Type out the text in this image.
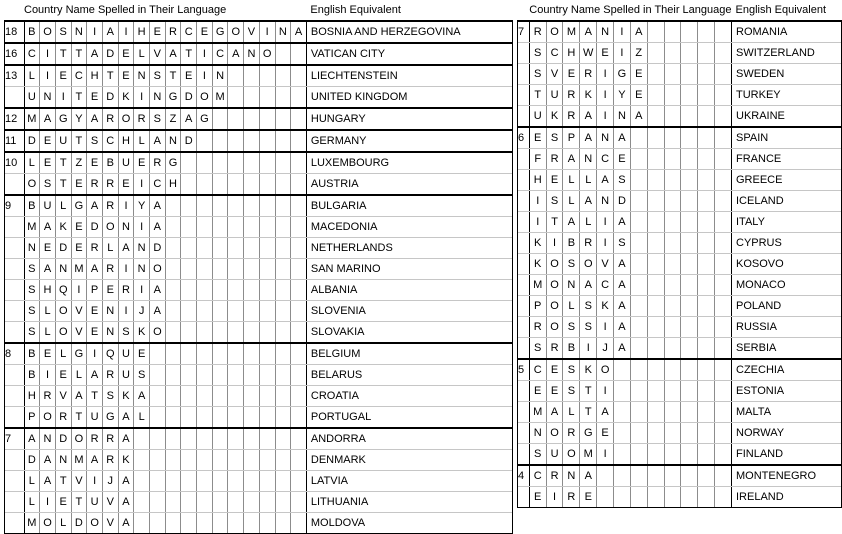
	Country Name Spelled in Their Language																		English Equivalent
18	B	O	S	N	I	A	I	H	E	R	C	E	G	O	V	I	N	A	BOSNIA AND HERZEGOVINA
16	C	I	T	T	A	D	E	L	V	A	T	I	C	A	N	O			VATICAN CITY
13	L	I	E	C	H	T	E	N	S	T	E	I	N						LIECHTENSTEIN
	U	N	I	T	E	D	K	I	N	G	D	O	M						UNITED KINGDOM
12	M	A	G	Y	A	R	O	R	S	Z	A	G							HUNGARY
11	D	E	U	T	S	C	H	L	A	N	D								GERMANY
10	L	E	T	Z	E	B	U	E	R	G									LUXEMBOURG
	O	S	T	E	R	R	E	I	C	H									AUSTRIA
9	B	U	L	G	A	R	I	Y	A										BULGARIA
	M	A	K	E	D	O	N	I	A										MACEDONIA
	N	E	D	E	R	L	A	N	D										NETHERLANDS
	S	A	N	M	A	R	I	N	O										SAN MARINO
	S	H	Q	I	P	E	R	I	A										ALBANIA
	S	L	O	V	E	N	I	J	A										SLOVENIA
	S	L	O	V	E	N	S	K	O										SLOVAKIA
8	B	E	L	G	I	Q	U	E											BELGIUM
	B	I	E	L	A	R	U	S											BELARUS
	H	R	V	A	T	S	K	A											CROATIA
	P	O	R	T	U	G	A	L											PORTUGAL
7	A	N	D	O	R	R	A												ANDORRA
	D	A	N	M	A	R	K												DENMARK
	L	A	T	V	I	J	A												LATVIA
	L	I	E	T	U	V	A												LITHUANIA
	M	O	L	D	O	V	A												MOLDOVA
	Country Name Spelled in Their Language												English Equivalent
7	R	O	M	A	N	I	A						ROMANIA
	S	C	H	W	E	I	Z						SWITZERLAND
	S	V	E	R	I	G	E						SWEDEN
	T	U	R	K	I	Y	E						TURKEY
	U	K	R	A	I	N	A						UKRAINE
6	E	S	P	A	N	A							SPAIN
	F	R	A	N	C	E							FRANCE
	H	E	L	L	A	S							GREECE
	I	S	L	A	N	D							ICELAND
	I	T	A	L	I	A							ITALY
	K	I	B	R	I	S							CYPRUS
	K	O	S	O	V	A							KOSOVO
	M	O	N	A	C	A							MONACO
	P	O	L	S	K	A							POLAND
	R	O	S	S	I	A							RUSSIA
	S	R	B	I	J	A							SERBIA
5	C	E	S	K	O								CZECHIA
	E	E	S	T	I								ESTONIA
	M	A	L	T	A								MALTA
	N	O	R	G	E								NORWAY
	S	U	O	M	I								FINLAND
4	C	R	N	A									MONTENEGRO
	E	I	R	E									IRELAND
